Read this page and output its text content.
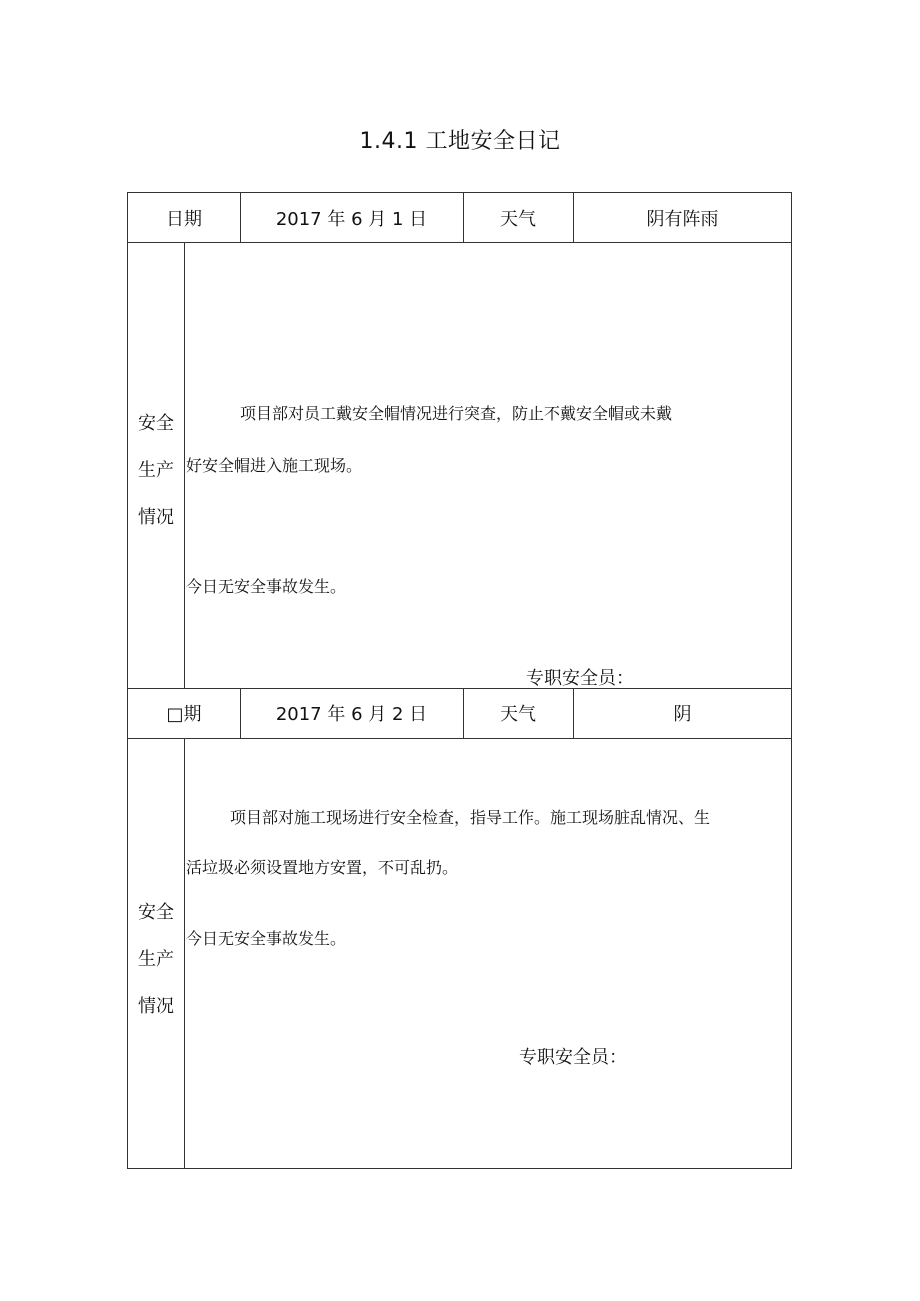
1.4.1 工地安全日记
日期	2017 年 6 月 1 日	天气	阴有阵雨
安全
生产
情况
项目部对员工戴安全帽情况进行突查，防止不戴安全帽或未戴
好安全帽进入施工现场。
今日无安全事故发生。
专职安全员：
□期	2017 年 6 月 2 日	天气	阴
安全
生产
情况
项目部对施工现场进行安全检查，指导工作。施工现场脏乱情况、生
活垃圾必须设置地方安置，不可乱扔。
今日无安全事故发生。
专职安全员：
